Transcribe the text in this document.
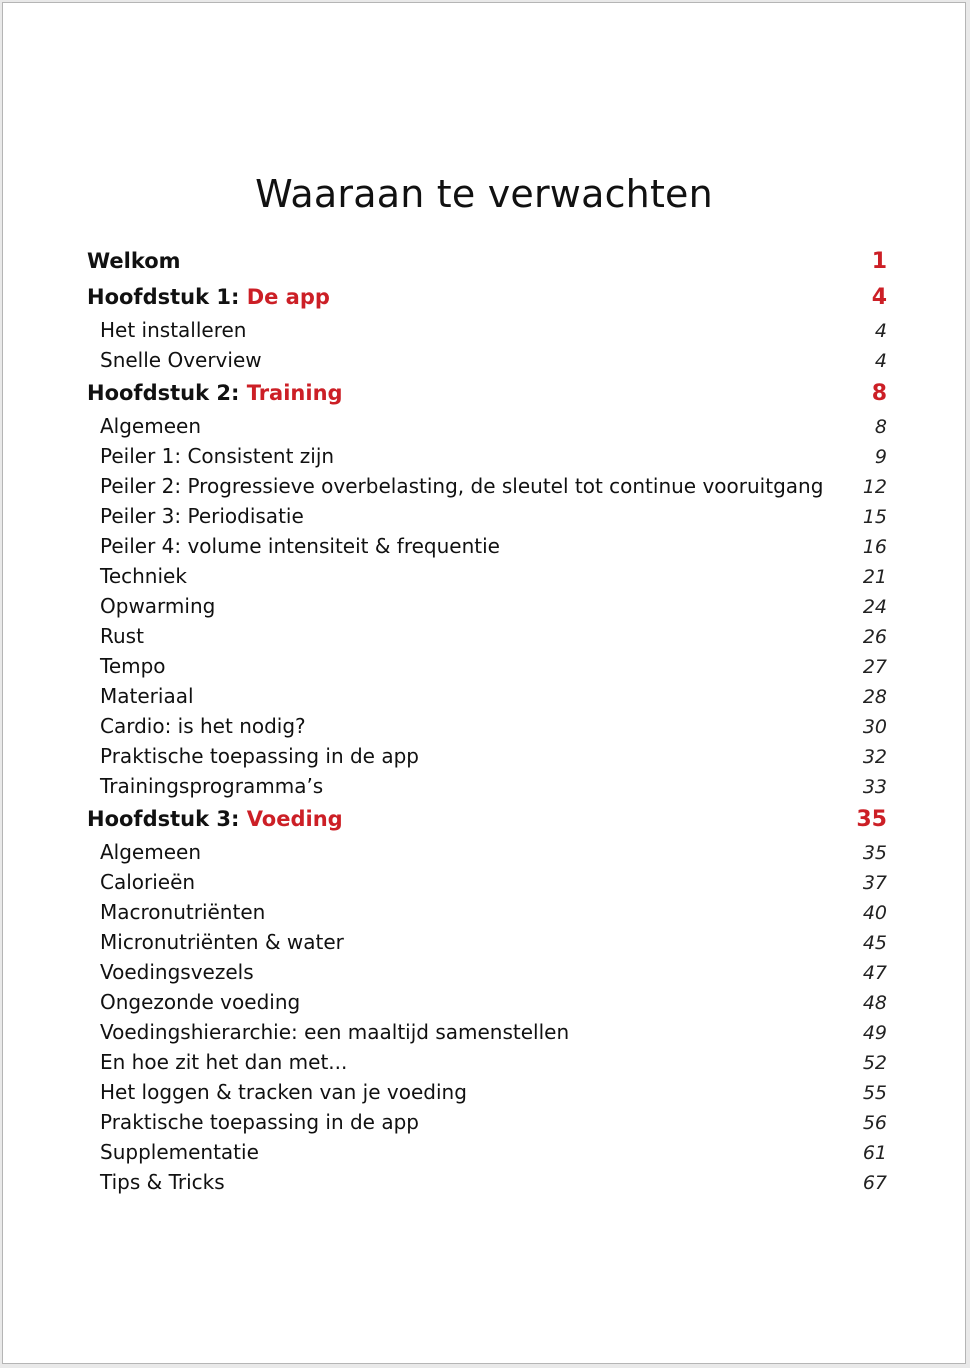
Waaraan te verwachten
Welkom	1
Hoofdstuk 1: De app	4
Het installeren	4
Snelle Overview	4
Hoofdstuk 2: Training	8
Algemeen	8
Peiler 1: Consistent zijn	9
Peiler 2: Progressieve overbelasting, de sleutel tot continue vooruitgang 12
Peiler 3: Periodisatie	15
Peiler 4: volume intensiteit & frequentie	16
Techniek	21
Opwarming	24
Rust	26
Tempo	27
Materiaal	28
Cardio: is het nodig?	30
Praktische toepassing in de app	32
Trainingsprogramma’s	33
Hoofdstuk 3: Voeding	35
Algemeen	35
Calorieën	37
Macronutriënten	40
Micronutriënten & water	45
Voedingsvezels	47
Ongezonde voeding	48
Voedingshierarchie: een maaltijd samenstellen	49
En hoe zit het dan met...	52
Het loggen & tracken van je voeding	55
Praktische toepassing in de app	56
Supplementatie	61
Tips & Tricks	67
